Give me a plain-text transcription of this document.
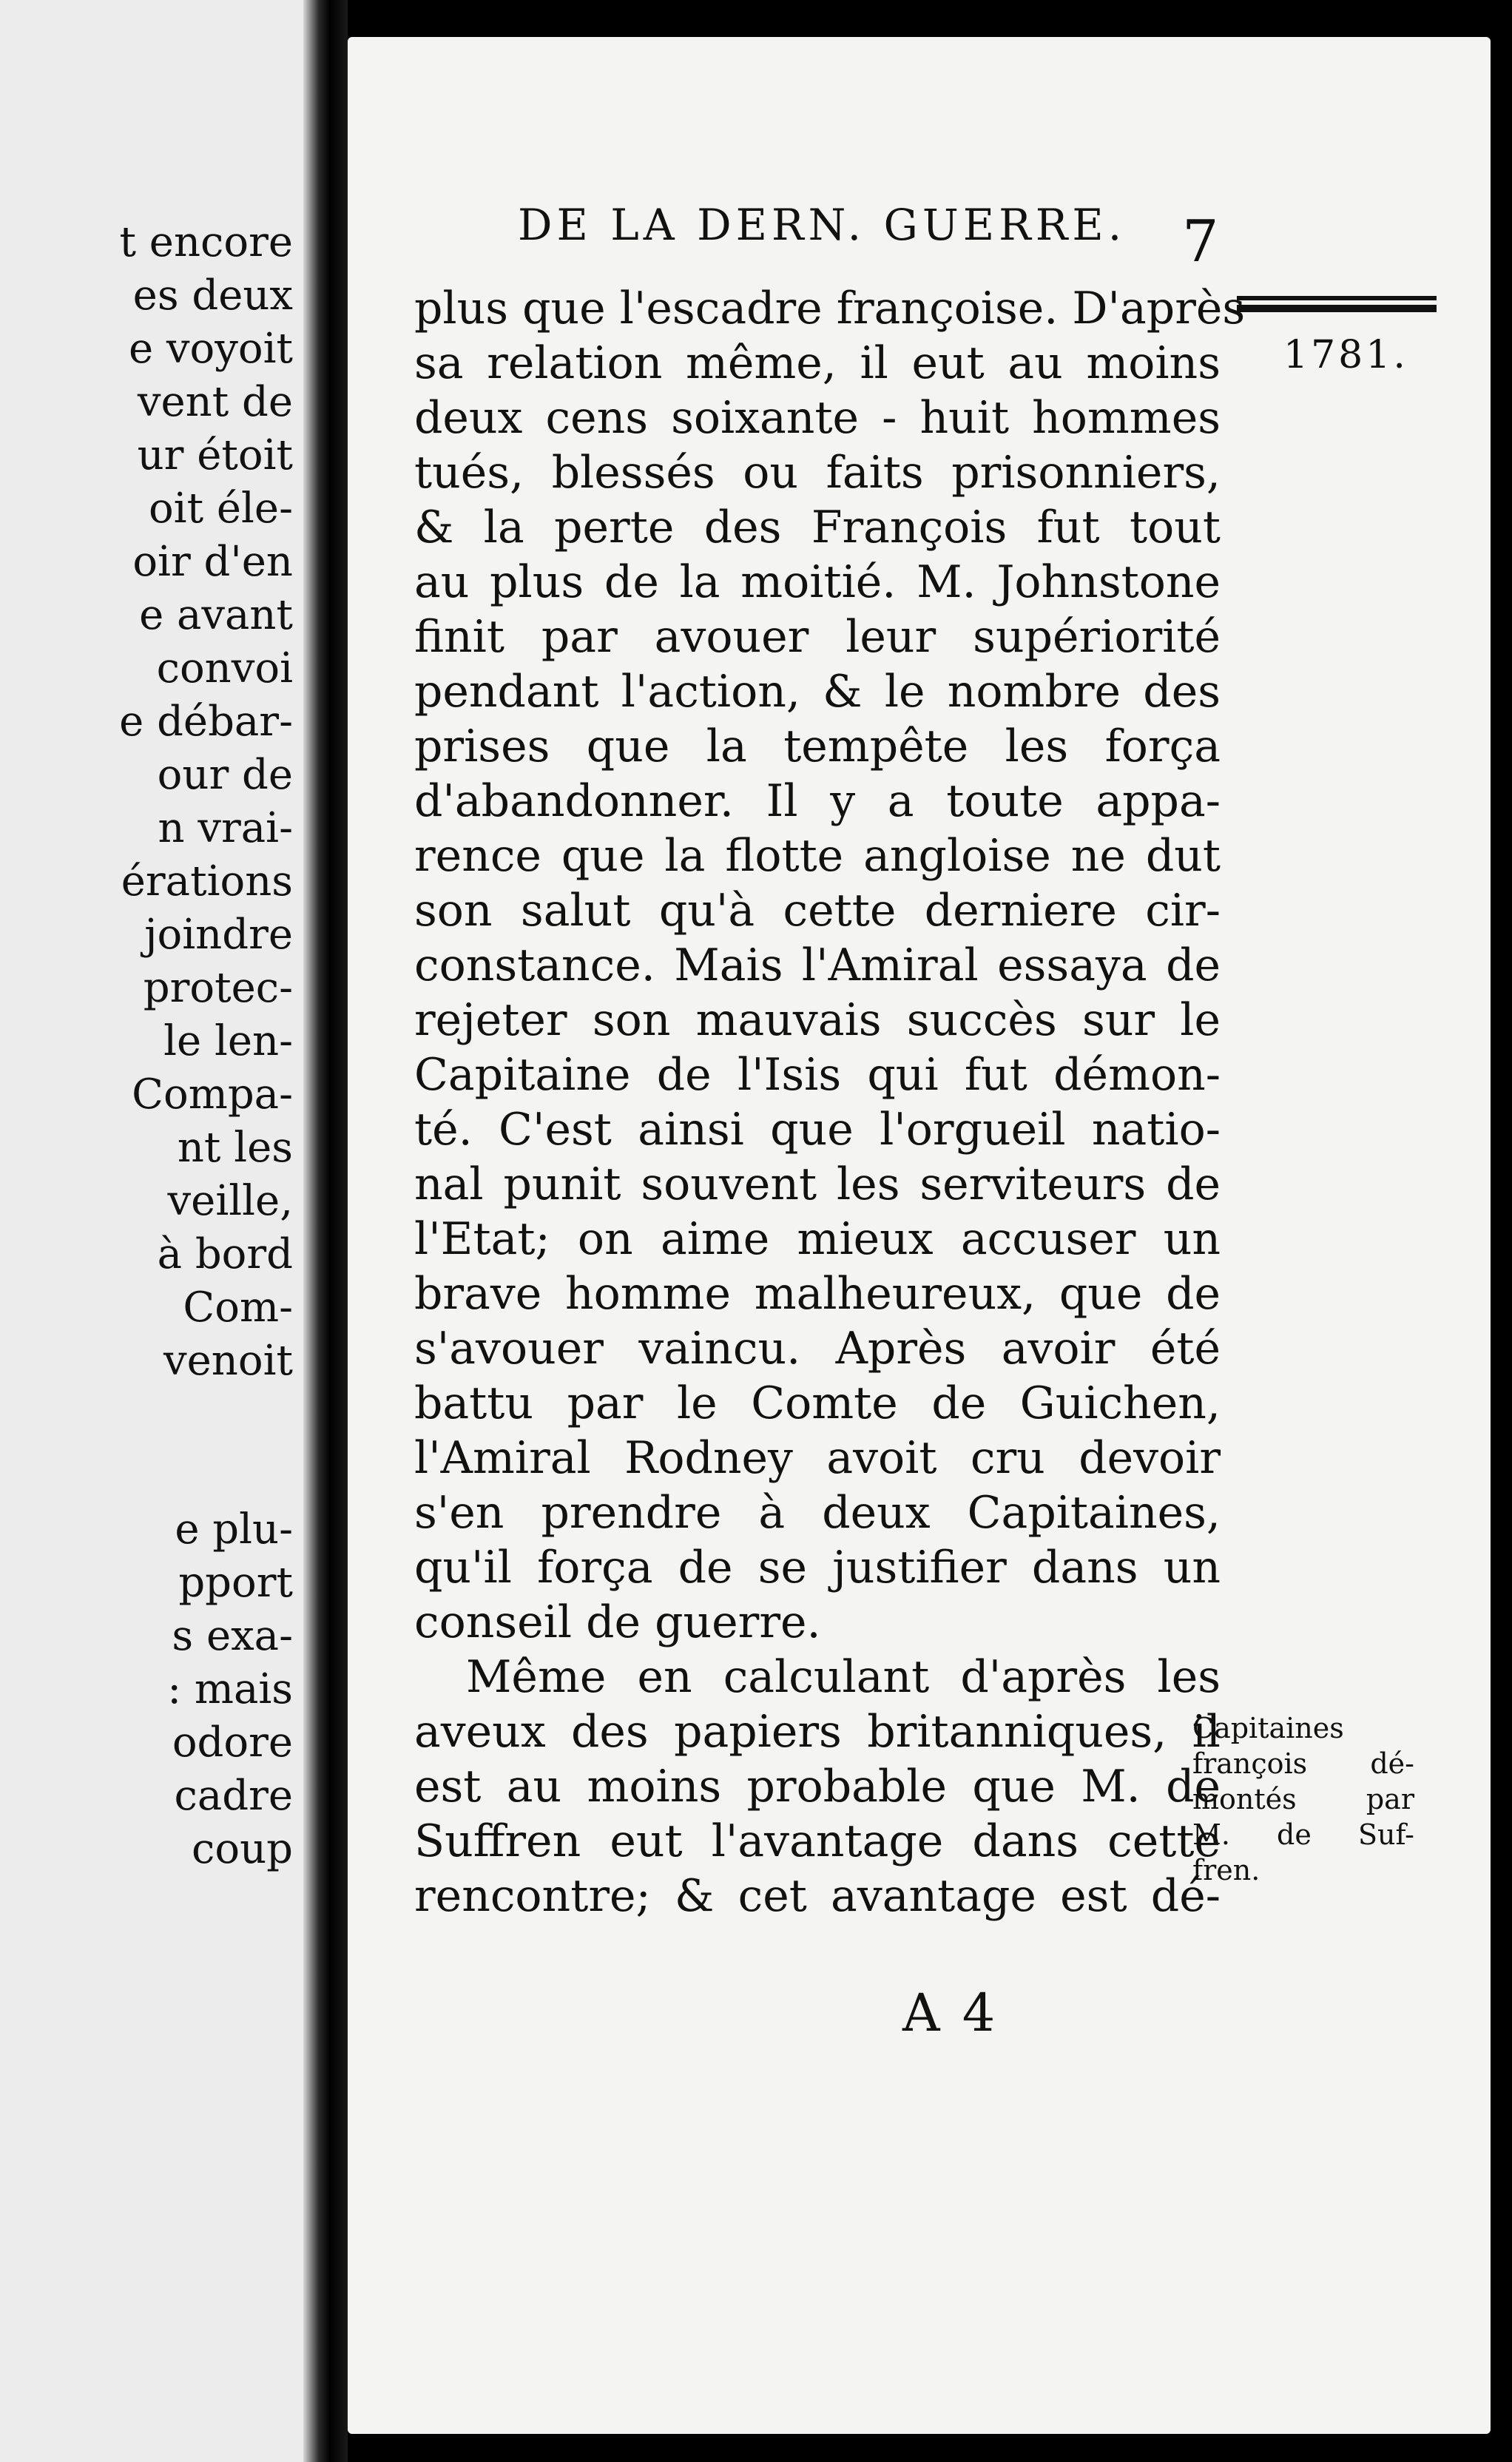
t encore
es deux
e voyoit
vent de
ur étoit
oit éle-
oir d'en
e avant
convoi
e débar-
our de
n vrai-
érations
joindre
protec-
le len-
Compa-
nt les
veille,
à bord
Com-
venoit
e plu-
pport
s exa-
: mais
odore
cadre
coup
DE LA DERN. GUERRE. 7
1781.
plus que l'escadre françoise. D'après
sa relation même, il eut au moins
deux cens soixante - huit hommes
tués, blessés ou faits prisonniers,
& la perte des François fut tout
au plus de la moitié. M. Johnstone
finit par avouer leur supériorité
pendant l'action, & le nombre des
prises que la tempête les força
d'abandonner. Il y a toute appa-
rence que la flotte angloise ne dut
son salut qu'à cette derniere cir-
constance. Mais l'Amiral essaya de
rejeter son mauvais succès sur le
Capitaine de l'Isis qui fut démon-
té. C'est ainsi que l'orgueil natio-
nal punit souvent les serviteurs de
l'Etat; on aime mieux accuser un
brave homme malheureux, que de
s'avouer vaincu. Après avoir été
battu par le Comte de Guichen,
l'Amiral Rodney avoit cru devoir
s'en prendre à deux Capitaines,
qu'il força de se justifier dans un
conseil de guerre.
Même en calculant d'après les
aveux des papiers britanniques, il
est au moins probable que M. de
Suffren eut l'avantage dans cette
rencontre; & cet avantage est dé-
Capitaines
françois dé-
montés par
M. de Suf-
fren.
A 4
